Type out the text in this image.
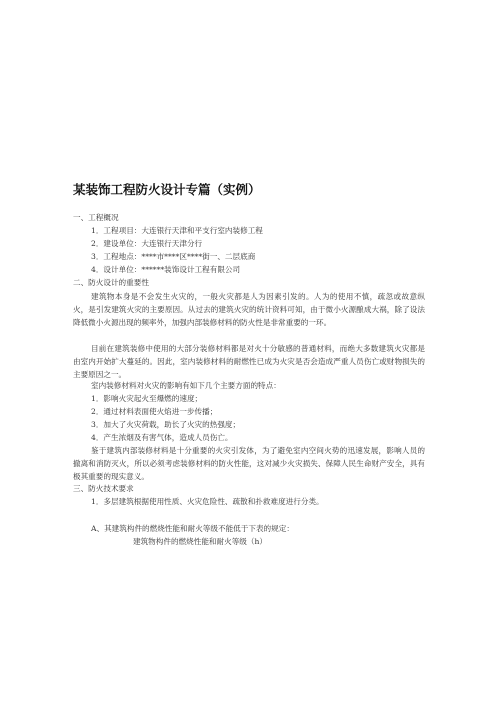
某装饰工程防火设计专篇（实例）
一、工程概况
1．工程项目：大连银行天津和平支行室内装修工程
2．建设单位：大连银行天津分行
3．工程地点：****市****区****街一、二层底商
4．设计单位：******装饰设计工程有限公司
二、防火设计的重要性
建筑物本身是不会发生火灾的，一般火灾都是人为因素引发的。人为的使用不慎，疏忽或故意纵火，是引发建筑火灾的主要原因。从过去的建筑火灾的统计资料可知，由于微小火源酿成大祸，除了设法降低微小火源出现的频率外，加强内部装修材料的防火性是非常重要的一环。
目前在建筑装修中使用的大部分装修材料都是对火十分敏感的普通材料，而绝大多数建筑火灾都是由室内开始扩大蔓延的。因此，室内装修材料的耐燃性已成为火灾是否会造成严重人员伤亡或财物损失的主要原因之一。
室内装修材料对火灾的影响有如下几个主要方面的特点：
1．影响火灾起火至爆燃的速度；
2．通过材料表面使火焰进一步传播；
3．加大了火灾荷载，助长了火灾的热强度；
4．产生浓烟及有害气体，造成人员伤亡。
鉴于建筑内部装修材料是十分重要的火灾引发体，为了避免室内空间火势的迅速发展，影响人员的撤离和消防灭火，所以必须考虑装修材料的防火性能，这对减少火灾损失、保障人民生命财产安全，具有极其重要的现实意义。
三、防火技术要求
1．多层建筑根据使用性质、火灾危险性、疏散和扑救难度进行分类。
A、其建筑构件的燃烧性能和耐火等级不能低于下表的规定：
建筑物构件的燃烧性能和耐火等级（h）
